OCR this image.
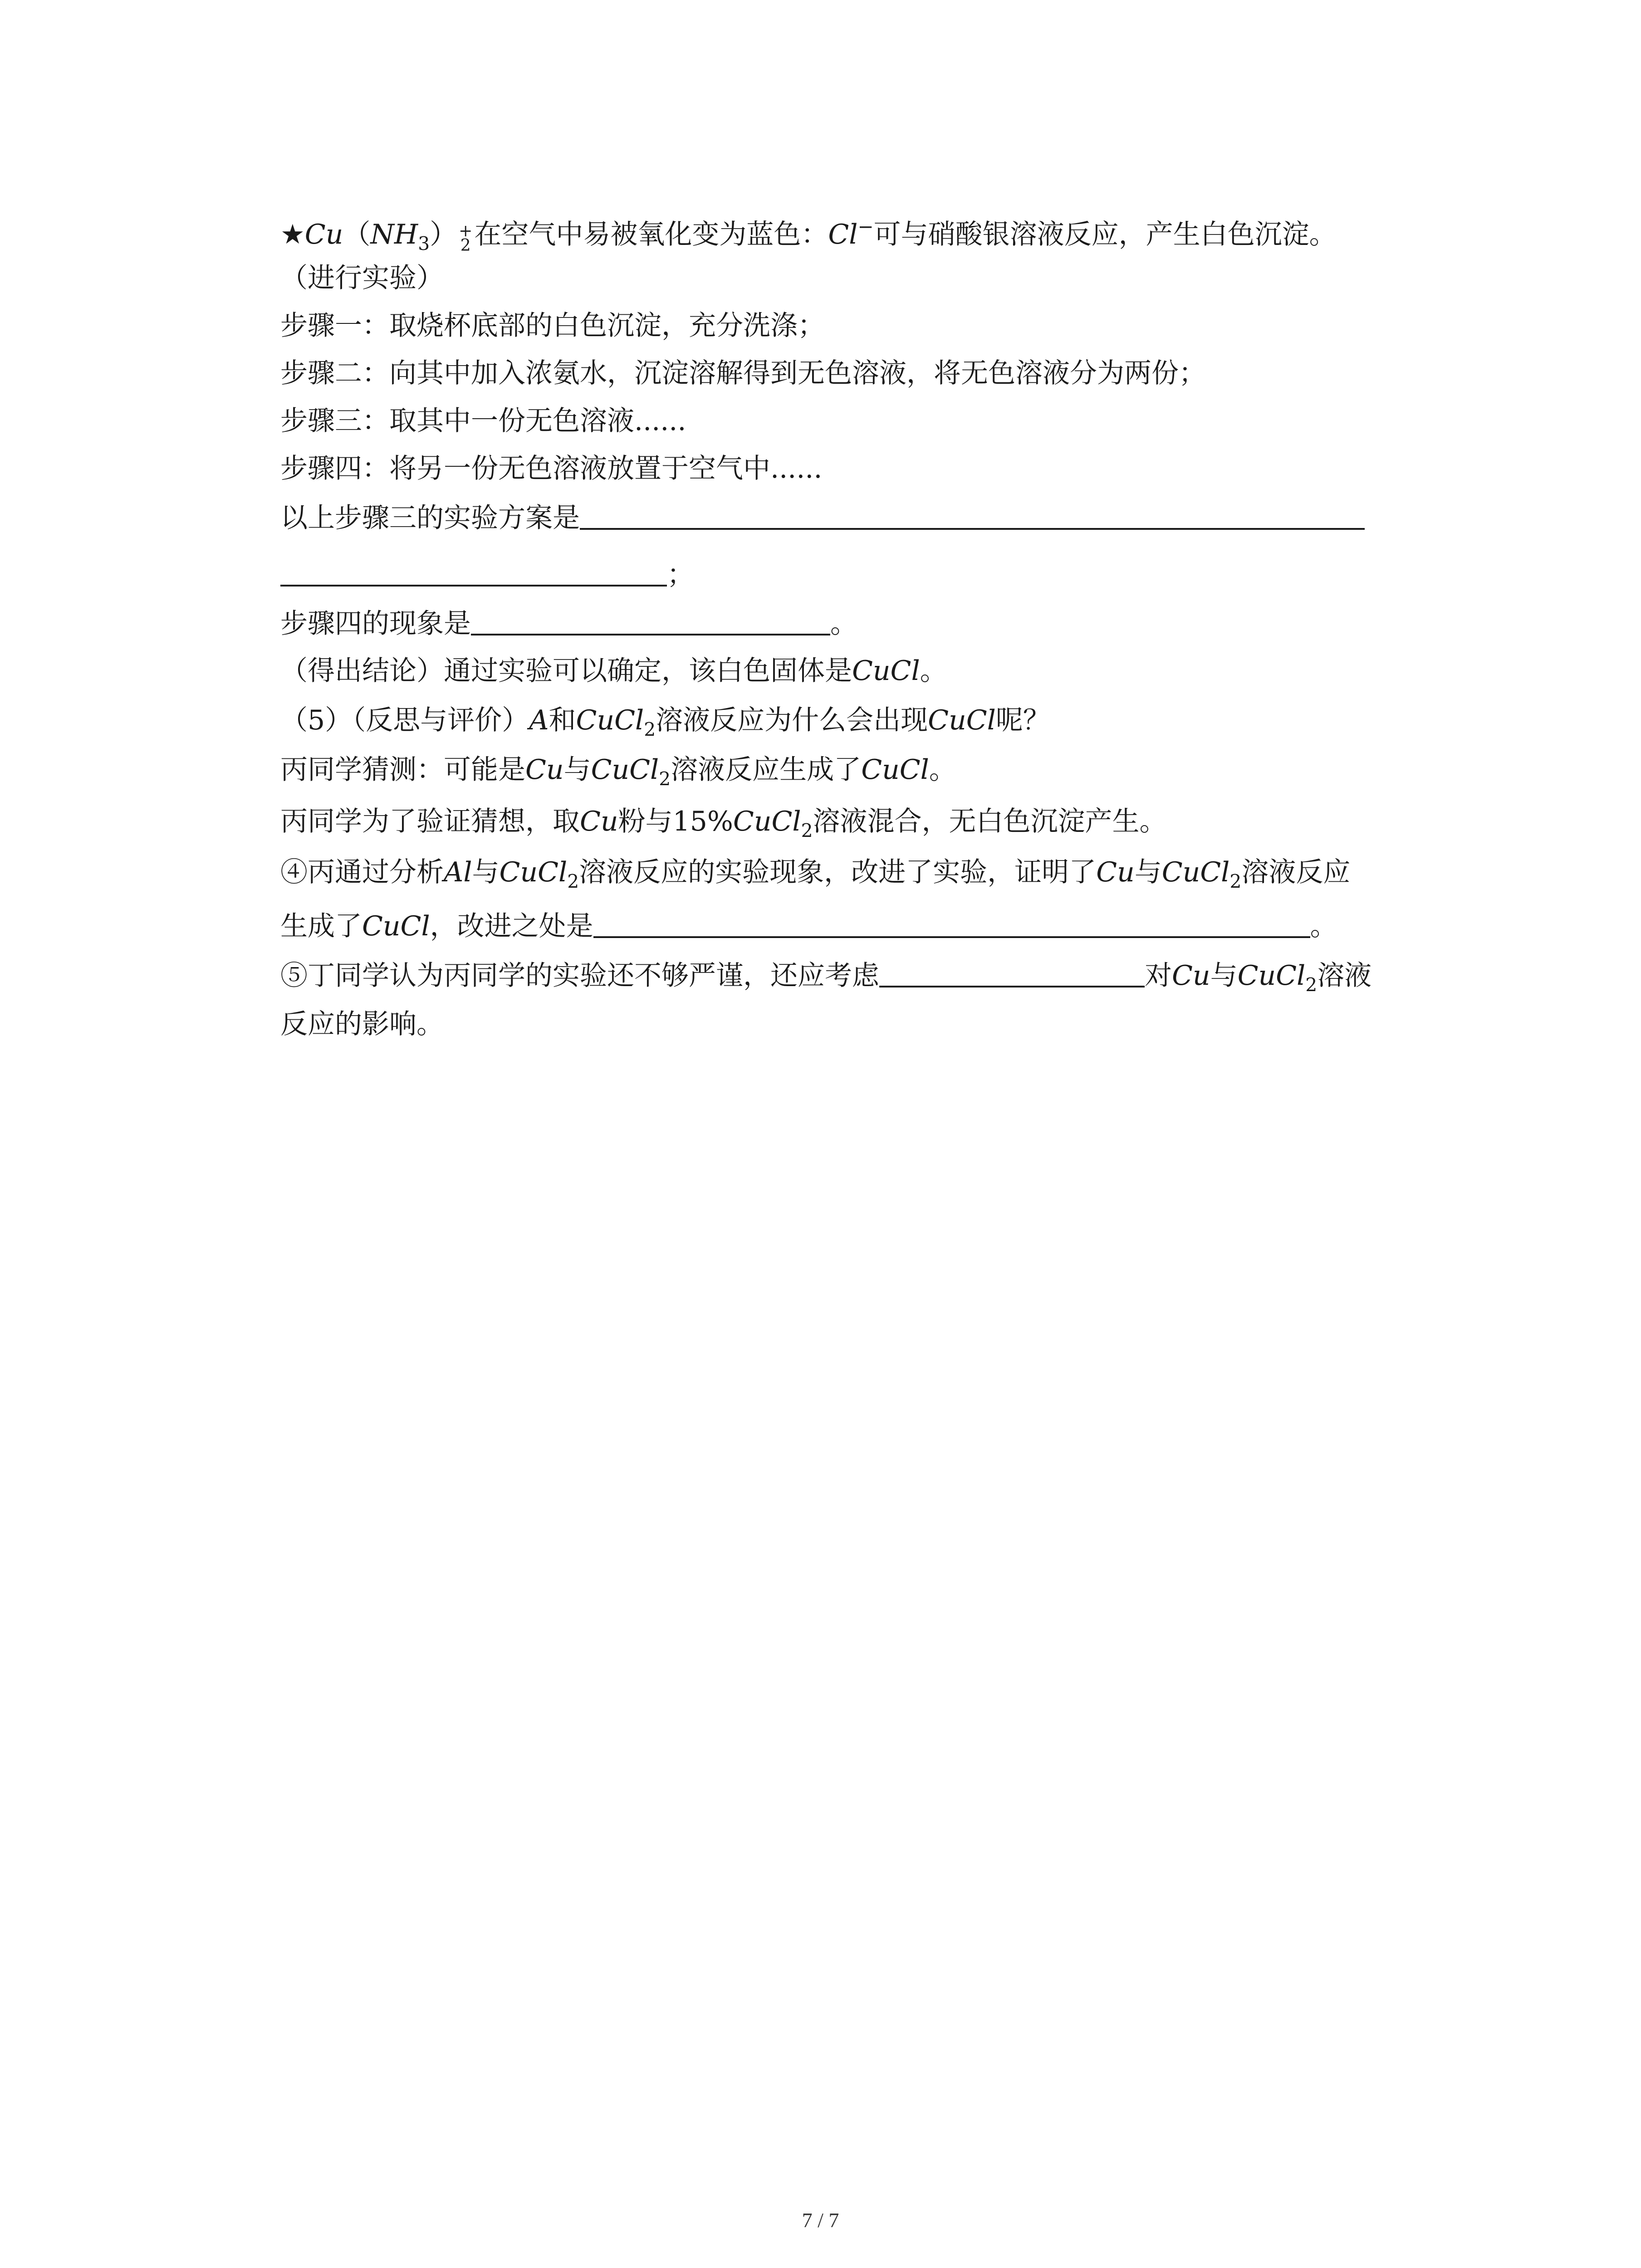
$★Cu(NH_3)$ +
2 在空气中易被氧化变为蓝色：Cl−可与硝酸银溶液反应，产生白色沉淀。
（进行实验）
步骤一：取烧杯底部的白色沉淀，充分洗涤；
步骤二：向其中加入浓氨水，沉淀溶解得到无色溶液，将无色溶液分为两份；
步骤三：取其中一份无色溶液......
步骤四：将另一份无色溶液放置于空气中......
以上步骤三的实验方案是
；
步骤四的现象是	。
（得出结论）通过实验可以确定，该白色固体是CuCl。
（5）（反思与评价）A和CuCl$_2$溶液反应为什么会出现CuCl呢？
丙同学猜测：可能是Cu与CuCl$_2$溶液反应生成了CuCl。
丙同学为了验证猜想，取Cu粉与15%CuCl$_2$溶液混合，无白色沉淀产生。
④丙通过分析Al与CuCl$_2$溶液反应的实验现象，改进了实验，证明了Cu与CuCl$_2$溶液反应
生成了CuCl，改进之处是	。
⑤丁同学认为丙同学的实验还不够严谨，还应考虑	对Cu与CuCl$_2$溶液
反应的影响。
7 / 7
